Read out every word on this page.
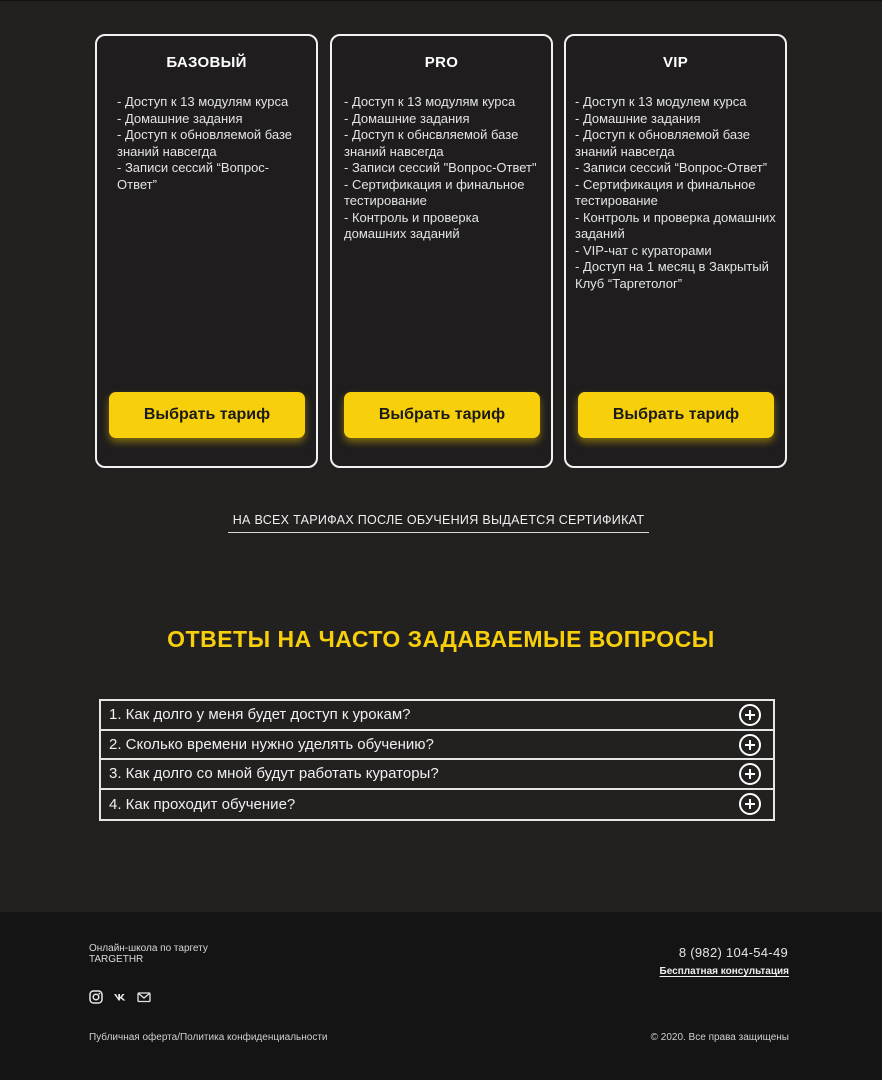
БАЗОВЫЙ
- Доступ к 13 модулям курса
- Домашние задания
- Доступ к обновляемой базе знаний навсегда
- Записи сессий “Вопрос-Ответ”
Выбрать тариф
PRO
- Доступ к 13 модулям курса
- Домашние задания
- Доступ к обнсвляемой базе знаний навсегда
- Записи сессий "Вопрос-Ответ"
- Сертификация и финальное тестирование
- Контроль и проверка домашних заданий
Выбрать тариф
VIP
- Доступ к 13 модулем курса
- Домашние задания
- Доступ к обновляемой базе знаний навсегда
- Записи сессий “Вопрос-Ответ”
- Сертификация и финальное тестирование
- Контроль и проверка домашних заданий
- VIP-чат с кураторами
- Доступ на 1 месяц в Закрытый Клуб “Таргетолог”
Выбрать тариф
НА ВСЕХ ТАРИФАХ ПОСЛЕ ОБУЧЕНИЯ ВЫДАЕТСЯ СЕРТИФИКАТ
ОТВЕТЫ НА ЧАСТО ЗАДАВАЕМЫЕ ВОПРОСЫ
1. Как долго у меня будет доступ к урокам?
2. Сколько времени нужно уделять обучению?
3. Как долго со мной будут работать кураторы?
4. Как проходит обучение?
Онлайн-школа по таргету
TARGETHR	8 (982) 104-54-49
Бесплатная консультация
Публичная оферта/Политика конфиденциальности	© 2020. Все права защищены
